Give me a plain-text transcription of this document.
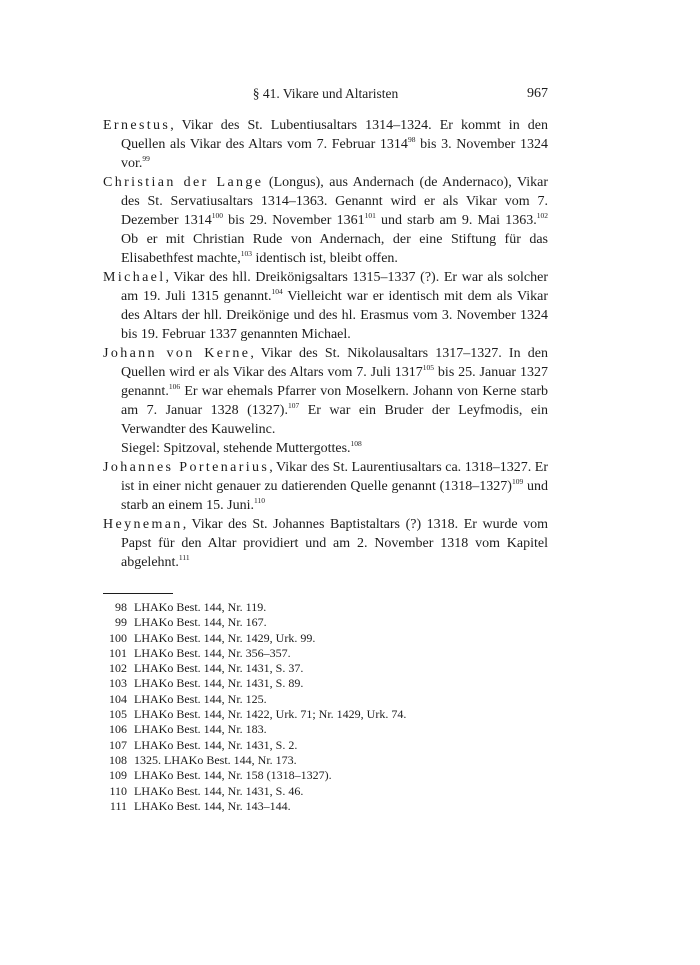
§ 41. Vikare und Altaristen	967

Ernestus, Vikar des St. Lubentiusaltars 1314–1324. Er kommt in den Quellen als Vikar des Altars vom 7. Februar 1314$^{98}$ bis 3. November 1324 vor.$^{99}$

Christian der Lange (Longus), aus Andernach (de Andernaco), Vikar des St. Servatiusaltars 1314–1363. Genannt wird er als Vikar vom 7. Dezember 1314$^{100}$ bis 29. November 1361$^{101}$ und starb am 9. Mai 1363.$^{102}$ Ob er mit Christian Rude von Andernach, der eine Stiftung für das Elisabethfest machte,$^{103}$ identisch ist, bleibt offen.

Michael, Vikar des hll. Dreikönigsaltars 1315–1337 (?). Er war als solcher am 19. Juli 1315 genannt.$^{104}$ Vielleicht war er identisch mit dem als Vikar des Altars der hll. Dreikönige und des hl. Erasmus vom 3. November 1324 bis 19. Februar 1337 genannten Michael.

Johann von Kerne, Vikar des St. Nikolausaltars 1317–1327. In den Quellen wird er als Vikar des Altars vom 7. Juli 1317$^{105}$ bis 25. Januar 1327 genannt.$^{106}$ Er war ehemals Pfarrer von Moselkern. Johann von Kerne starb am 7. Januar 1328 (1327).$^{107}$ Er war ein Bruder der Leyfmodis, ein Verwandter des Kauwelinc.

Siegel: Spitzoval, stehende Muttergottes.$^{108}$

Johannes Portenarius, Vikar des St. Laurentiusaltars ca. 1318–1327. Er ist in einer nicht genauer zu datierenden Quelle genannt (1318–1327)$^{109}$ und starb an einem 15. Juni.$^{110}$

Heyneman, Vikar des St. Johannes Baptistaltars (?) 1318. Er wurde vom Papst für den Altar providiert und am 2. November 1318 vom Kapitel abgelehnt.$^{111}$

98 LHAKo Best. 144, Nr. 119.
99 LHAKo Best. 144, Nr. 167.
100 LHAKo Best. 144, Nr. 1429, Urk. 99.
101 LHAKo Best. 144, Nr. 356–357.
102 LHAKo Best. 144, Nr. 1431, S. 37.
103 LHAKo Best. 144, Nr. 1431, S. 89.
104 LHAKo Best. 144, Nr. 125.
105 LHAKo Best. 144, Nr. 1422, Urk. 71; Nr. 1429, Urk. 74.
106 LHAKo Best. 144, Nr. 183.
107 LHAKo Best. 144, Nr. 1431, S. 2.
108 1325. LHAKo Best. 144, Nr. 173.
109 LHAKo Best. 144, Nr. 158 (1318–1327).
110 LHAKo Best. 144, Nr. 1431, S. 46.
111 LHAKo Best. 144, Nr. 143–144.
